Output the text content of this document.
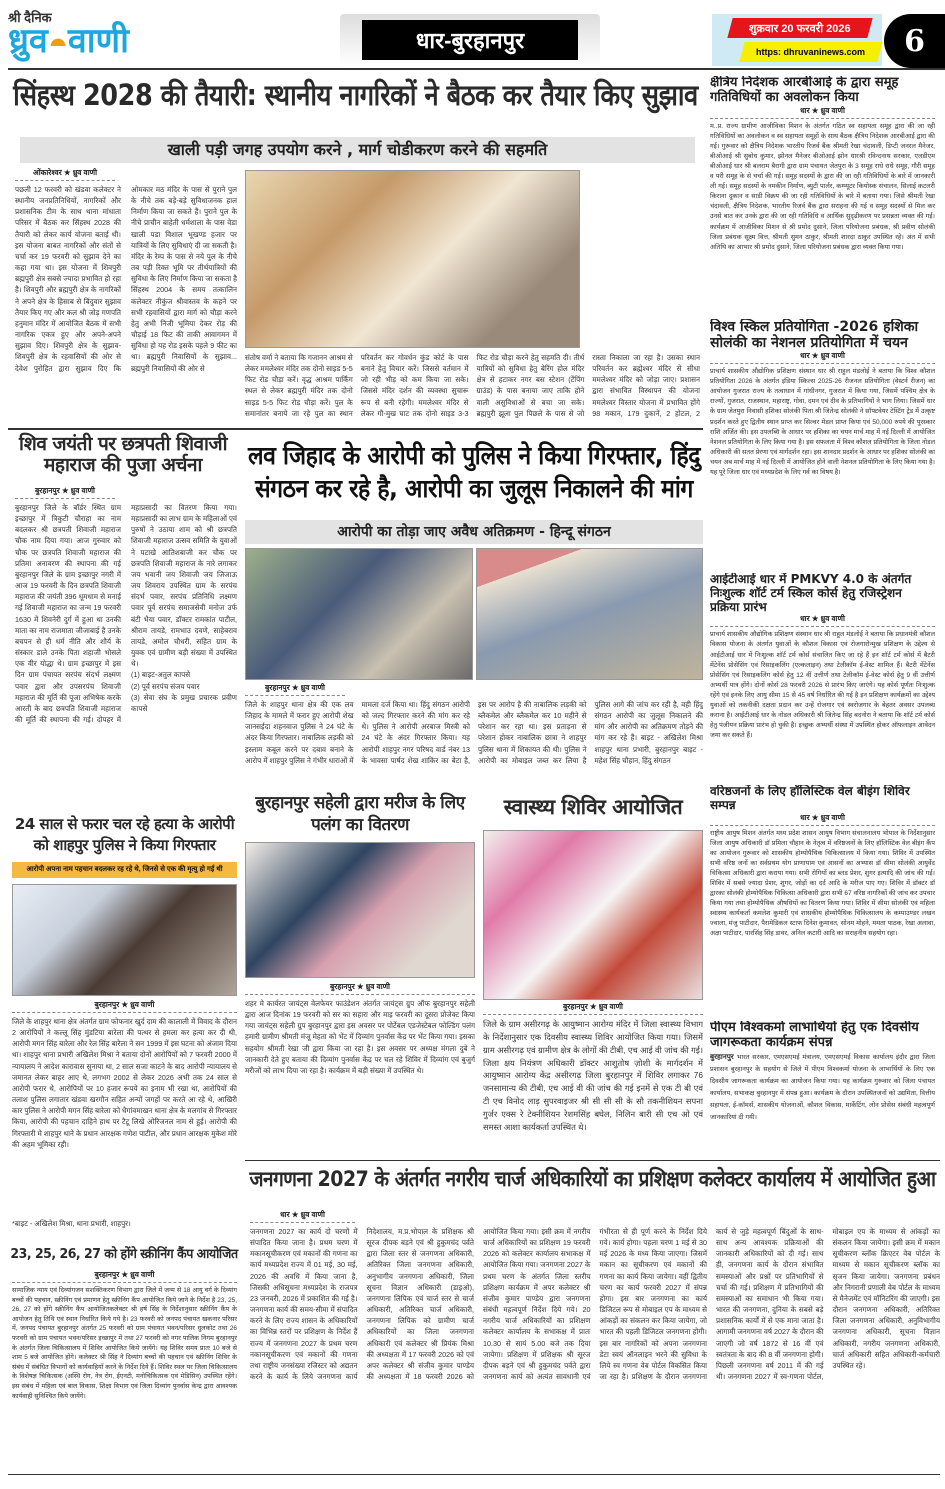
श्री दैनिक
ध्रुव वाणी	धार-बुरहानपुर	शुक्रवार 20 फरवरी 2026
https: dhruvaninews.com 6
सिंहस्थ 2028 की तैयारी: स्थानीय नागरिकों ने बैठक कर तैयार किए सुझाव
खाली पड़ी जगह उपयोग करने , मार्ग चोडीकरण करने की सहमति
ओंकारेश्वर ★ ध्रुव वाणी
पछली 12 फरवरी को खंडवा कलेक्टर ने स्थानीय जनप्रतिनिधियों, नागरिकों और प्रशासनिक टीम के साथ थाना मांधाता परिसर में बैठक कर सिंहस्थ 2028 की तैयारी को लेकर कार्य योजना बताई थी। इस योजना बाबत नागरिकों और संतों से चर्चा कर 19 फरवरी को सुझाव देने का कहा गया था। इस योजना में शिवपुरी ब्रह्मपुरी क्षेत्र सबसे ज्यादा प्रभावित हो रहा है। शिवपुरी और ब्रह्मपुरी क्षेत्र के नागरिकों ने अपने क्षेत्र के हिसाब से बिंदुवार सुझाव तैयार किए गए और कल श्री जोड़ गणपति हनुमान मंदिर में आयोजित बैठक में सभी नागरिक एकत्र हुए और अपने-अपने सुझाव दिए। शिवपुरी क्षेत्र के सुझाव- शिवपुरी क्षेत्र के रहवासियों की ओर से देवेश पुरोहित द्वारा सुझाव दिए कि ओमकार मठ मंदिर के पास से पुराने पुल के नीचे तक बड़े-बड़े सुविधाजनक हाल निर्माण किया जा सकते हैं। पुराने पुल के नीचे प्राचीन बाहेती धर्मशाला के पास वेडा खाली पडा विशाल भूखण्ड हजार पर यात्रियों के लिए सुविधाएं दी जा सकती है। मंदिर के रेम्प के पास से नये पुल के नीचे तब पड़ी रिक्त भूमि पर तीर्थयात्रियों की सुविधा के लिए निर्माण किया जा सकता है सिंहस्थ 2004 के समय तत्कालिन कलेक्टर नीकुंज श्रीवास्तव के कहने पर सभी रहवासियों द्वारा मार्ग को चौड़ा करने हेतु अभी निजी भूमिया देकर रोड़ की चौड़ाई 18 फिट की ताकी आवागमन में सुविधा हो यह रोड इसके पहले 9 फीट का था। ब्रह्मपुरी निवासियों के सुझाव... ब्रह्मपुरी निवासियों की ओर से
संतोष वर्मा ने बताया कि गजानन आश्रम से लेकर ममलेश्वर मंदिर तक दोनो साइड 5-5 फिट रोड चौड़ा करें। वृद्ध आश्रम पार्किंग स्थल से लेकर ब्रह्मपुरी मंदिर तक दोनो साइड 5-5 फिट रोड चौड़ा करें। पुल के समानांतर बनाये जा रहे पुल का स्थान परिवर्तन कर गोवर्धन कुंड कोर्ट के पास बनाने हेतु विचार करें। जिससे वर्तमान में जो रही भीड़ को कम किया जा सके। जिससे मंदिर दर्शन की व्यवस्था सुचारू रूप से बनी रहेगी। ममलेश्वर मंदिर से लेकर गौ-मुख घाट तक दोनो साइड 3-3 फिट रोड चौड़ा करने हेतु सहमति दी। तीर्थ यात्रियों को सुविधा हेतु बेरिंग होल मंदिर क्षेत्र से हटाकर नगर बस स्टेशन (टेंपिंग ग्राउंड) के पास बनाया जाए ताकि होने वाली असुविधाओं से बचा जा सके। ब्रह्मपुरी झूला पुल पिछले के पास से जो रास्ता निकाला जा रहा है। उसका स्थान परिवर्तन कर ब्रह्मेश्वर मंदिर से सीधा ममलेश्वर मंदिर को जोड़ा जाए। प्रशासन द्वारा संभावित विस्थापन की योजना ममलेश्वर विस्तार योजना में प्रभावित होंगे 98 मकान, 179 दुकानें, 2 होटल, 2
शिव जयंती पर छत्रपती शिवाजी महाराज की पुजा अर्चना
बुरहानपुर ★ ध्रुव वाणी
बुरहानपुर जिले के बॉर्डर स्थित ग्राम इच्छापुर में त्रिकुटी चौराहा का नाम बदलकर श्री छत्रपती शिवाजी महाराज चौक नाम दिया गया। आज गुरुवार को चौक पर छत्रपति शिवाजी महाराज की प्रतिमा अनावरण की स्थापना की गई बुरहानपुर जिले के ग्राम इच्छापुर नगरी में आज 19 फरवरी के दिन छत्रपति शिवाजी महाराज की जयंती 396 धूमधाम से मनाई गई शिवाजी महाराज का जन्म 19 फरवरी 1630 में शिवनेरी दुर्ग में हुआ था उनकी माता का नाम राजमाता जीजाबाई है उनके बचपन से ही धर्म नीति और शौर्य के संस्कार डाले उनके पिता शहाजी भोसले एक वीर योद्धा थे। ग्राम इच्छापुर में इस दिन ग्राम पंचायत सरपंच संदर्भ लक्ष्मण पवार द्वारा और उपसरपंच शिवाजी महाराज की मूर्ति की पूजा अभिषेक करके आरती के बाद छत्रपति शिवाजी महाराज की मूर्ति की स्थापना की गई। दोपहर में महाप्रसादी का वितरण किया गया। महाप्रसादी का लाभ ग्राम के महिलाओं एवं पुरुषों ने उठाया शाम को श्री छत्रपति शिवाजी महाराज उत्सव समिति के युवाओं ने पटाखे आतिशबाजी कर चौक पर छत्रपति शिवाजी महाराज के नारे लगाकर जय भवानी जय शिवाजी जय जिजाऊ जय शिवराय उपस्थित ग्राम के सरपंच संदर्भ पवार, सरपंच प्रतिनिधि लक्ष्मण पवार पूर्व सरपंच समाजसेवी मनोज उर्फ बंटी भैया पवार, डॉक्टर रामकांत पाटील, श्रीराम तायडे, रामभाउ दवणे, साहेबराव तायडे, अमोल चौधरी, सहित ग्राम के युवक एवं ग्रामीण बड़ी संख्या में उपस्थित थे।
(1) बाइट-अतुल कापसे
(2) पूर्व सरपंच संजय पवार
(3) सेवा संघ के प्रमुख प्रचारक प्रवीण कापसे
लव जिहाद के आरोपी को पुलिस ने किया गिरफ्तार, हिंदु संगठन कर रहे है, आरोपी का जुलूस निकालने की मांग
आरोपी का तोड़ा जाए अवैध अतिक्रमण - हिन्दू संगठन
बुरहानपुर ★ ध्रुव वाणी
जिले के शाहपुर थाना क्षेत्र की एक लव जिहाद के मामले में फरार हुए आरोपी शेख जानसईदा शहनवाज पुलिस ने 24 घंटे के अंदर किया गिरफ्तार। नाबालिक लड़की को इस्लाम कबूल करने पर दबाव बनाने के आरोप में शाहपुर पुलिस ने गंभीर धाराओं में मामला दर्ज किया था। हिंदु संगठन आरोपी को जल्द गिरफ्तार करने की मांग कर रहे थे। पुलिस ने आरोपी अरबाज मिस्त्री को 24 घंटे के अंदर गिरफ्तार किया। यह आरोपी शाहपुर नगर परिषद वार्ड नंबर 13 के भावसा पार्षद शेख शाकिर का बेटा है, इस पर आरोप है की नाबालिक लड़की को ब्लैकमेल और ब्लैकमेल कर 10 महीने से परेशान कर रहा था। इस प्रताड़ना से परेशान होकर नाबालिक छात्रा ने शाहपुर पुलिस थाना में शिकायत की थी। पुलिस ने आरोपी का मोबाइल जब्त कर लिया है पुलिस आगे की जांच कर रही है, वही हिंदु संगठन आरोपी का जुलूस निकालने की मांग और आरोपी का अतिक्रमण तोड़ने की मांग कर रहे हैं। बाइट - अखिलेश मिश्रा शाहपुर थाना प्रभारी, बुरहानपुर बाइट - महेश सिंह चौहान, हिंदु संगठन
24 साल से फरार चल रहे हत्या के आरोपी को शाहपुर पुलिस ने किया गिरफ्तार
आरोपी अपना नाम पहचान बदलकर रह रहे थे, जिनसे से एक की मृत्यु हो गई थी
बुरहानपुर ★ ध्रुव वाणी
जिले के शाहपुर थाना क्षेत्र अंतर्गत ग्राम फोफनार खुर्द दाम की कालाली में विवाद के दौरान 2 आरोपियों ने कल्लू सिंह मुंडटिया बारेला की पत्थर से हमला कर हत्या कर दी थी, आरोपी मगन सिंह बारेला और रेल सिंह बारेला ने सन 1999 में इस घटना को अंजाम दिया था। शाहपुर थाना प्रभारी अखिलेश मिश्रा ने बताया दोनों आरोपियों को 7 फरवरी 2000 में न्यायालय ने आदेश कारावास सुनाया था, 2 साल सजा काटने के बाद आरोपी न्यायालय से जमानत लेकर बाहर आए थे, लगभग 2002 से लेकर 2026 अभी तक 24 साल से आरोपी फरार थे, आरोपियों पर 10 हजार रूपये का इनाम भी रखा था, आरोपियों की तलाश पुलिस लगातार खंडवा खरगौन सहित अन्यों जगहों पर करते आ रहे थे, आखिरी कार पुलिस ने आरोपी मगन सिंह बारेला को धैगांवमाखन थाना क्षेत्र के मलगांव से गिरफ्तार किया, आरोपी की पहचान दाहिने हाथ पर टैटू लिखे ओरिजनल नाम से हुई। आरोपी की गिरफ्तारी मे शाहपुर थाने के प्रधान आरक्षक गणेश पाटील, और प्रधान आरक्षक मुकेश मोरे की अहम भूमिका रही।
*बाइट - अखिलेश मिश्रा, थाना प्रभारी, शाहपुर।
बुरहानपुर सहेली द्वारा मरीज के लिए पलंग का वितरण
बुरहानपुर ★ ध्रुव वाणी
शहर मे कार्यरत जायंट्स वेलफेयर फाउंडेशन अंतर्गत जायंट्स ग्रुप ऑफ बुरहानपुर सहेली द्वारा आज दिनांक 19 फरवरी को सर का सहारा और माइ फरवरी का दूसरा प्रोजेक्ट किया गया जायंट्स सहेली ग्रुप बुरहानपुर द्वारा इस अवसर पर पोर्टेबल एडजेस्टेबल फोल्डिंग पलंग हमारी ग्रामीण श्रीमती मंजू मेहता को भेंट में दिव्यांग पुनर्वास केंद्र पर भेंट किया गया। इसका सहयोग श्रीमती रेखा जी द्वारा किया जा रहा है। इस अवसर पर अध्यक्ष मंगला दुबे ने जानकारी देते हुए बताया की दिव्यांग पुनर्वास केंद्र पर चल रहे शिविर में दिव्यांग एवं बुजुर्ग मरीजों को लाभ दिया जा रहा है। कार्यक्रम में बड़ी संख्या में उपस्थित थे।
स्वास्थ्य शिविर आयोजित
बुरहानपुर ★ ध्रुव वाणी
जिले के ग्राम असीरगढ़ के आयुष्मान आरोग्य मंदिर में जिला स्वास्थ्य विभाग के निर्देशानुसार एक दिवसीय स्वास्थ्य शिविर आयोजित किया गया। जिसमें ग्राम असीरगढ़ एवं ग्रामीण क्षेत्र के लोगों की टीबी, एच आई वी जांच की गई। जिला क्षय नियंत्रण अधिकारी डॉक्टर आशुतोष ज़ोशी के मार्गदर्शन में आयुष्मान आरोग्य केंद्र असीरगढ़ जिला बुरहानपुर में शिविर लगाकर 76 जनसामान्य की टीबी, एच आई वी की जांच की गई इनमें से एक टी बी एवं टी एच विनोद लाड़ सुपरवाइजर श्री सी सी सी के सौ तकनीशियन सपना गुर्जर एक्स रे टेक्नीशियन रेशमसिंह बघेल, निलिन बारी सी एच ओ एवं समस्त आशा कार्यकर्ता उपस्थित थे।
जनगणना 2027 के अंतर्गत नगरीय चार्ज अधिकारियों का प्रशिक्षण कलेक्टर कार्यालय में आयोजित हुआ
धार ★ ध्रुव वाणी
जनगणना 2027 का कार्य दो चरणों में संपादित किया जाना है। प्रथम चरण में मकानसूचीकरण एवं मकानों की गणना का कार्य मध्यप्रदेश राज्य में 01 मई, 30 मई, 2026 की अवधि में किया जाना है, जिसकी अधिसूचना मध्यप्रदेश के राजपत्र 23 जनवरी, 2026 में प्रकाशित की गई है। जनगणना कार्य की समय-सीमा में संपादित करने के लिए राज्य शासन के अधिकारियों का विभिन्न स्तरों पर प्रशिक्षण के निर्देश हैं राज्य में जनगणना 2027 के प्रथम चरण नकानसूचीकरण एवं मकानों की गणना तथा राष्ट्रीय जनसंख्या रजिस्टर को अद्यतन करने के कार्य के लिये जनगणना कार्य निदेशालय, म.प्र.भोपाल के प्रशिक्षक श्री सूरज दीपक बड़ने एवं श्री हुकुमचंद पर्वते द्वारा जिला स्तर से जनगणना अधिकारी, अतिरिक्त जिला जनगणना अधिकारी, अनुभागीय जनगणना अधिकारी, जिला सूचना विज्ञान अधिकारी (डाइओ), जनगणना लिपिक एवं चार्ज स्तर से चार्ज अधिकारी, अतिरिक्त चार्ज अधिकारी, जनगणना लिपिक को ग्रामीण चार्ज अधिकारियों का जिला जनगणना अधिकारी एवं कलेक्टर श्री प्रियंक मिश्रा की अध्यक्षता में 17 फरवरी 2026 को एवं अपर कलेक्टर श्री संजीव कुमार पाण्डेय की अध्यक्षता में 18 फरवरी 2026 को आयोजित किया गया। इसी क्रम में नगरीय चार्ज अधिकारियों का प्रशिक्षण 19 फरवरी 2026 को कलेक्टर कार्यालय सभाकक्ष में आयोजित किया गया। जनगणना 2027 के प्रथम चरण के अंतर्गत जिला स्तरीय प्रशिक्षण कार्यक्रम में अपर कलेक्टर श्री संजीव कुमार पाण्डेय द्वारा जनगणना संबंधी महत्वपूर्ण निर्देश दिये गये। 20 नगरीय चार्ज अधिकारियों का प्रशिक्षण कलेक्टर कार्यालय के सभाकक्ष में प्रातः 10.30 से सायं 5.00 बजे तक दिया जायेगा। प्रशिक्षण में प्रशिक्षक श्री सूरज दीपक बड़ने एवं श्री हुकुमचंद पर्वते द्वारा जनगणना कार्य को अत्यंत सावधानी एवं गंभीरता से ही पूर्ण करने के निर्देश दिये गये। कार्य होगा। पहला चरण 1 मई से 30 मई 2026 के मध्य किया जाएगा। जिसमें मकान का सूचीकरण एवं मकानों की गणना का कार्य किया जायेगा। वहीं द्वितीय चरण का कार्य फरवरी 2027 में संपन्न होगा। इस बार जनगणना का कार्य डिजिटल रूप से मोबाइल एप के माध्यम से आंकड़ों का संकलन कर किया जायेगा, जो भारत की पहली डिजिटल जनगणना होगी। इस बार नागरिकों को अपना जनगणना डेटा स्वयं ऑनलाइन भरने की सुविधा के लिये स्व गणना वेब पोर्टल विकसित किया जा रहा है। प्रशिक्षण के दौरान जनगणना कार्य से जुड़े महत्वपूर्ण बिंदुओं के साथ-साथ अन्य आवश्यक प्रक्रियाओं की जानकारी अधिकारियों को दी गई। साथ ही, जनगणना कार्य के दौरान संभावित समस्याओं और प्रश्नों पर प्रतिभागियों से चर्चा की गई। प्रशिक्षण में प्रतिभागियों की समस्याओं का समाधान भी किया गया। भारत की जनगणना, दुनिया के सबसे बड़े प्रशासनिक कार्यों में से एक माना जाता है। आगामी जनगणना वर्ष 2027 के दौरान की जाएगी जो वर्ष 1872 से 16 वीं एवं स्वतंत्रता के बाद की 8 वीं जनगणना होगी। पिछली जनगणना वर्ष 2011 में की गई थी। जनगणना 2027 में स्व-गणना पोर्टल, मोबाइल एप के माध्यम से आंकड़ों का संकलन किया जायेगा। इसी क्रम में मकान सूचीकरण ब्लॉक क्रिएटर वेब पोर्टल के माध्यम से मकान सूचीकरण ब्लॉक का सृजन किया जायेगा। जनगणना प्रबंधन और निगरानी प्रणाली वेब पोर्टल के माध्यम से मैनेजमेंट एवं मॉनिटरिंग की जाएगी। इस दौरान जनगणना अधिकारी, अतिरिक्त जिला जनगणना अधिकारी, अनुविभागीय जनगणना अधिकारी, सूचना विज्ञान अधिकारी, नगरीय जनगणना अधिकारी, चार्ज अधिकारी सहित अधिकारी-कर्मचारी उपस्थित रहे।
23, 25, 26, 27 को होंगे स्क्रीनिंग कैंप आयोजित
बुरहानपुर ★ ध्रुव वाणी
सामाजिक न्याय एवं दिव्यांगजन सशक्तिकरण विभाग द्वारा जिले में जन्म से 18 आयु वर्ग के दिव्यांग बच्चों की पहचान, स्क्रीनिंग एवं प्रमाणन हेतु स्क्रीनिंग कैंप आयोजित किये जाने के निर्देश है 23, 25, 26, 27 को होंगे स्क्रीनिंग कैंप आयोजितकलेक्टर श्री हर्ष सिंह के निर्देशानुसार स्क्रीनिंग कैंप के आयोजन हेतु तिथि एवं स्थान निर्धारित किये गये है। 23 फरवरी को जनपद पंचायत खकनार परिसर में, जनपद पंचायत बुरहानपुर अंतर्गत 25 फरवरी को ग्राम पंचायत भवन/परिसर धुलकोट तथा 26 फरवरी को ग्राम पंचायत भवन/परिसर इच्छापुर में तथा 27 फरवरी को नगर पालिक निगम बुरहानपुर के अंतर्गत जिला चिकित्सालय में शिविर आयोजित किये जायेंगे। यह शिविर समय प्रातः 10 बजे से शाम 5 बजे आयोजित होंगे। कलेक्टर श्री सिंह ने दिव्यांग बच्चों की पहचान एवं स्क्रीनिंग शिविर के संबंध में संबंधित विभागों को कार्यवाहियाँ करने के निर्देश दिये हैं। शिविर स्थल पर जिला चिकित्सालय के विशेषज्ञ चिकित्सक (अस्थि रोग, नेत्र रोग, ईएनटी, मनोचिकित्सक एवं मेडिसिन) उपस्थित रहेंगे। इस संबंध में महिला एवं बाल विकास, शिक्षा विभाग एवं जिला दिव्यांग पुनर्वास केन्द्र द्वारा आवश्यक कार्यवाही सुनिश्चित किये जायेंगे।
क्षैत्रिय निदेशक आरबीआई के द्वारा समूह गतिविधियों का अवलोकन किया
धार ★ ध्रुव वाणी
म..प्र. राज्य ग्रामीण आजीविका मिशन के अंतर्गत गठित स्व सहायता समूह द्वारा की जा रही गतिविधियों का अवलोकन व स्व सहायता समूहों के साथ बैठक क्षैत्रिय निदेशक आरबीआई द्वारा की गई। गुरूवार को क्षैत्रिय निदेशक भारतीय रिजर्व बैंक श्रीमती रेखा चंदावली, डिप्टी जनरल मैनेजर, बीओआई श्री सुबोध कुमार, झोनल मैनेजर बीओआई झोन धारश्री रविन्दनाथ सरकार, एलडीएम बीओआई धार श्री बलराम बैरागी द्वारा ग्राम पंचायत जेतपुरा के 3 समूह राधे राधे समूह, गौरी समूह व परी समूह के से चर्चा की गई। समूह सदस्यों के द्वारा की जा रही गतिविधियों के बारे में जानकारी ली गई। समूह सदस्यों के नमकीन निर्माण, ब्युटी पार्लर, कम्प्यूटर कियोस्क संचालन, सिलाई कटलरी किराना दुकान व साडी विक्रय की जा रही गतिविधियों के बारे में बताया गया। जिसे श्रीमती रेखा चंदावली, क्षैत्रिय निदेशक, भारतीय रिजर्व बैंक द्वारा सराहना की गई व समूह सदस्यों से मिल कर उनसे बात कर उनके द्वारा की जा रही गतिविधि व आर्थिक सुदृढीकरण पर प्रसन्नता व्यक्त की गई। कार्यक्रम में आजीविका मिशन से श्री प्रमोद दुसाने, जिला परियोजना प्रबंधक, श्री प्रवीण सोलंकी जिला प्रबंधक सूक्ष्म वित्त, श्रीमती सुमन ठाकुर, श्रीमती शारदा ठाकुर उपस्थित रहे। अंत में सभी अतिथि का आभार श्री प्रमोद दुसाने, जिला परियोजना प्रबंधक द्वारा व्यक्त किया गया।
विश्व स्किल प्रतियोगिता -2026 हशिका सोलंकी का नेशनल प्रतियोगिता में चयन
धार ★ ध्रुव वाणी
प्राचार्य शासकीय औद्योगिक प्रशिक्षण संस्थान धार श्री राहुल मंडलोई ने बताया कि विश्व कौशल प्रतियोगिता 2026 के अंतर्गत इंडिया स्किल्स 2025-26 रीजनल प्रतियोगिता (वेस्टर्न रीजन) का आयोजन गुजरात राज्य के तत्वाधान में गांधीनगर, गुजरात में किया गया, जिसमें पश्चिम क्षेत्र के राज्यों, गुजरात, राजस्थान, महाराष्ट्र, गोवा, दमन एवं दीव के प्रतिभागियों ने भाग लिया। जिसमें धार के ग्राम जेतपुरा निवासी हशिका सोलंकी पिता श्री जितेन्द्र सोलंकी ने सॉफ्टवेयर टेस्टिंग ट्रेड में उत्कृष्ट प्रदर्शन करते हुए द्वितीय स्थान प्राप्त कर सिल्वर मेडल प्राप्त किया एवं 50,000 रुपये की पुरस्कार राशि अर्जित की। इस उपलब्धि के आधार पर हशिका का चयन मार्च माह में नई दिल्ली में आयोजित नेशनल प्रतियोगिता के लिए किया गया है। इस सफलता में विश्व कौशल प्रतियोगिता के जिला नोडल अधिकारी की सतत प्रेरणा एवं मार्गदर्शन रहा। इस शानदार प्रदर्शन के आधार पर हशिका सोलंकी का चयन अब मार्च माह में नई दिल्ली में आयोजित होने वाली नेशनल प्रतियोगिता के लिए किया गया है। यह पूरे जिला धार एवं मध्यप्रदेश के लिए गर्व का विषय है।
आईटीआई धार में PMKVY 4.0 के अंतर्गत निःशुल्क शॉर्ट टर्म स्किल कोर्स हेतु रजिस्ट्रेशन प्रक्रिया प्रारंभ
धार ★ ध्रुव वाणी
प्राचार्य शासकीय औद्योगिक प्रशिक्षण संस्थान धार श्री राहुल मंडलोई ने बताया कि प्रधानमंत्री कौशल विकास योजना के अंतर्गत युवाओं के कौशल विकास एवं रोजगारोन्मुख प्रशिक्षण के उद्देश्य से आईटीआई धार में निःशुल्क शॉर्ट टर्म कोर्स संचालित किए जा रहे हैं इन शॉर्ट टर्म कोर्स में बैटरी मेंटेनेंस प्रोसेसिंग एवं रिसाइकलिंग (एल्कलाइन) तथा टेलीकॉम ई-वेस्ट शामिल हैं। बैटरी मेंटेनेंस प्रोसेसिंग एवं रिसाइकलिंग कोर्स हेतु 12 वीं उत्तीर्ण तथा टेलीकॉम ई-वेस्ट कोर्स हेतु 9 वीं उत्तीर्ण अभ्यर्थी पात्र होंगे। दोनों कोर्स 28 फरवरी 2026 से प्रारंभ किए जाएंगे। यह कोर्स पूर्णतः निःशुल्क रहेंगे एवं इनके लिए आयु सीमा 15 से 45 वर्ष निर्धारित की गई है इन प्रशिक्षण कार्यक्रमों का उद्देश्य युवाओं को तकनीकी दक्षता प्रदान कर उन्हें रोजगार एवं स्वरोजगार के बेहतर अवसर उपलब्ध कराना है। आईटीआई धार के नोडल अधिकारी श्री जितेन्द्र सिंह बदनोरा ने बताया कि शॉर्ट टर्म कोर्स हेतु पंजीयन प्रक्रिया प्रारंभ हो चुकी है। इच्छुक अभ्यर्थी संस्था में उपस्थित होकर ऑफलाइन आवेदन जमा कर सकते हैं।
वरिष्ठजनों के लिए हॉलिस्टिक वेल बीइंग शिविर सम्पन्न
धार ★ ध्रुव वाणी
राष्ट्रीय आयुष मिशन अंतर्गत मध्य प्रदेश शासन आयुष विभाग संचालनालय भोपाल के निर्देशानुसार जिला आयुष अधिकारी डॉ प्रमिला चौहान के नेतृत्व में वरिष्ठजनों के लिए हॉलिस्टिक वेल बीइंग कैंप का आयोजन गुरूवार को शासकीय होम्योपैथिक चिकित्सालय में किया गया। शिविर में उपस्थित सभी वरिष्ठ जनों का सर्वप्रथम योग प्राणायाम एवं आसनों का अभ्यास डॉ सीमा सोलंकी आयुर्वेद चिकित्सा अधिकारी द्वारा कराया गया। सभी रोगियों का ब्लड प्रेशर, शुगर इत्यादि की जांच की गई। शिविर में सबसे ज्यादा प्रेशर, शुगर, जोड़ों का दर्द आदि के मरीज पाए गए। शिविर में डॉक्टर डॉ द्वारका सोलंकी होम्योपैथिक चिकित्सा अधिकारी द्वारा सभी 67 वरिष्ठ नागरिकों की जांच कर उपचार किया गया तथा होम्योपैथिक औषधियों का वितरण किया गया। शिविर में सीमा सोलंकी एवं महिला स्वास्थ्य कार्यकर्ता कमलेश कुमारी एवं शासकीय होम्योपैथिक चिकित्सालय के कम्पाउण्डर लखन ज्वाला, मंजु पाटीदार, पैरामेडिकल स्टाफ दिनेश कुमावत, सोनम मोहने, ममता पाठक, रेखा अलावा, अक्षा पाटीदार, पारसिंह सिंह डावर, अनिल कटारी आदि का सराहनीय सहयोग रहा।
पीएम विश्वकर्मा लाभार्थियों हेतु एक दिवसीय जागरूकता कार्यक्रम संपन्न
बुरहानपुर भारत सरकार, एमएसएमई मंत्रालय, एमएसएमई विकास कार्यालय इंदौर द्वारा जिला प्रशासन बुरहानपुर के सहयोग से जिले में पीएम विश्वकर्मा योजना के लाभार्थियों के लिए एक दिवसीय जागरूकता कार्यक्रम का आयोजन किया गया। यह कार्यक्रम गुरूवार को जिला पंचायत कार्यालय, सभाकक्ष बुरहानपुर में संपन्न हुआ। कार्यक्रम के दौरान उपस्थितजनों को उद्यमिता, वित्तीय सहायता, ई-कॉमर्स, शासकीय योजनाओं, कौशल विकास, मार्केटिंग, लोन प्रोसेस संबंधी महत्वपूर्ण जानकारियां दी गयी।
